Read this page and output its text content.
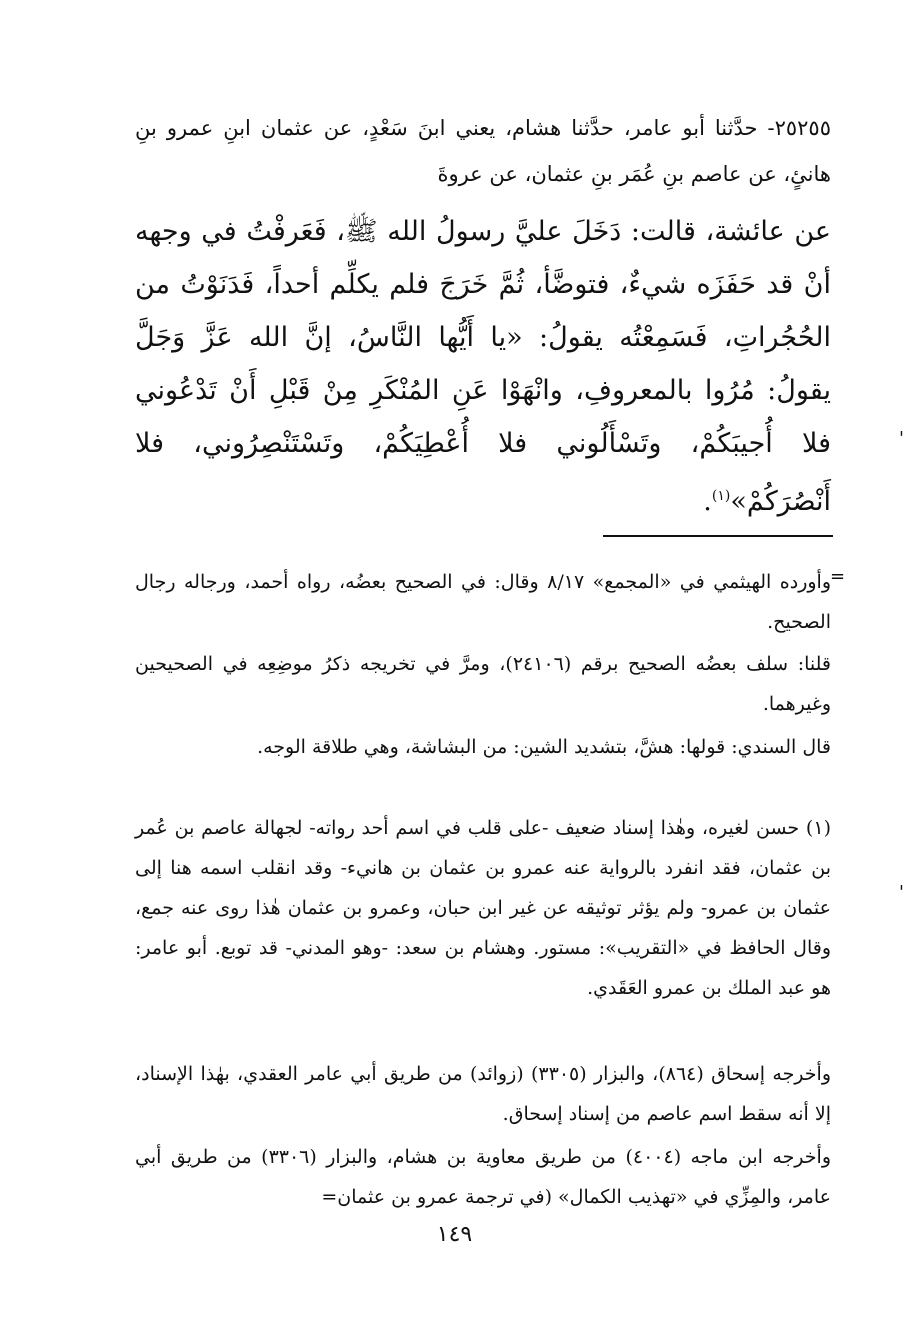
٢٥٢٥٥- حدَّثنا أبو عامر، حدَّثنا هشام، يعني ابنَ سَعْدٍ، عن عثمان ابنِ عمرو بنِ هانئٍ، عن عاصم بنِ عُمَر بنِ عثمان، عن عروةَ

عن عائشة، قالت: دَخَلَ عليَّ رسولُ الله ﷺ، فَعَرفْتُ في وجهه أنْ قد حَفَزَه شيءٌ، فتوضَّأ، ثُمَّ خَرَجَ فلم يكلِّم أحداً، فَدَنَوْتُ من الحُجُراتِ، فَسَمِعْتُه يقولُ: «يا أَيُّها النَّاسُ، إنَّ الله عَزَّ وَجَلَّ يقولُ: مُرُوا بالمعروفِ، وانْهَوْا عَنِ المُنْكَرِ مِنْ قَبْلِ أَنْ تَدْعُوني فلا أُجيبَكُمْ، وتَسْأَلُوني فلا أُعْطِيَكُمْ، وتَسْتَنْصِرُوني، فلا أَنْصُرَكُمْ»$^{(١)}$.

=

وأورده الهيثمي في «المجمع» ٨/١٧ وقال: في الصحيح بعضُه، رواه أحمد، ورجاله رجال الصحيح.

قلنا: سلف بعضُه الصحيح برقم (٢٤١٠٦)، ومرَّ في تخريجه ذكرُ موضِعِه في الصحيحين وغيرهما.

قال السندي: قولها: هشَّ، بتشديد الشين: من البشاشة، وهي طلاقة الوجه.

(١) حسن لغيره، وهٰذا إسناد ضعيف -على قلب في اسم أحد رواته- لجهالة عاصم بن عُمر بن عثمان، فقد انفرد بالرواية عنه عمرو بن عثمان بن هانيء- وقد انقلب اسمه هنا إلى عثمان بن عمرو- ولم يؤثر توثيقه عن غير ابن حبان، وعمرو بن عثمان هٰذا روى عنه جمع، وقال الحافظ في «التقريب»: مستور. وهشام بن سعد: -وهو المدني- قد توبع. أبو عامر: هو عبد الملك بن عمرو العَقَدي.

وأخرجه إسحاق (٨٦٤)، والبزار (٣٣٠٥) (زوائد) من طريق أبي عامر العقدي، بهٰذا الإسناد، إلا أنه سقط اسم عاصم من إسناد إسحاق.

وأخرجه ابن ماجه (٤٠٠٤) من طريق معاوية بن هشام، والبزار (٣٣٠٦) من طريق أبي عامر، والمِزِّي في «تهذيب الكمال» (في ترجمة عمرو بن عثمان=

١٤٩
'
'
